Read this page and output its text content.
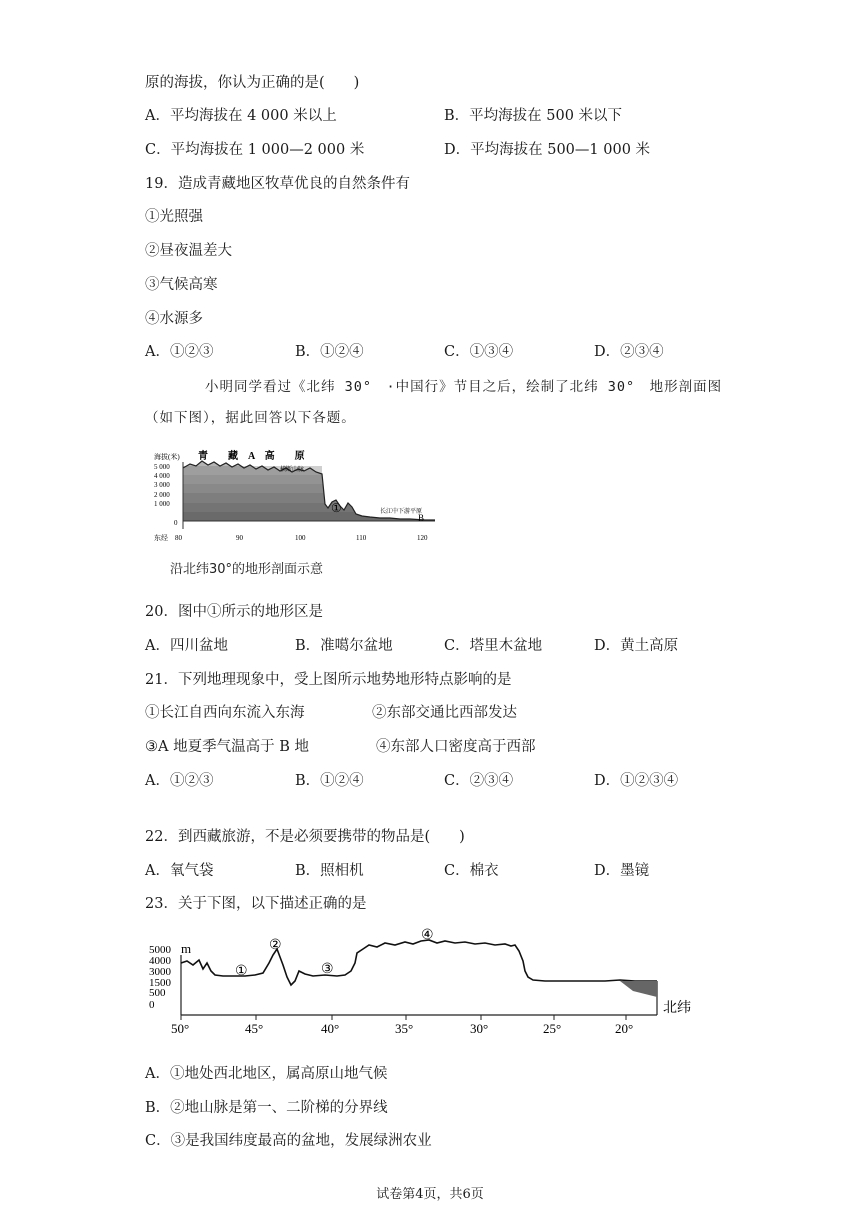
原的海拔，你认为正确的是(　　)
A．平均海拔在 4 000 米以上	B．平均海拔在 500 米以下
C．平均海拔在 1 000—2 000 米	D．平均海拔在 500—1 000 米
19．造成青藏地区牧草优良的自然条件有
①光照强
②昼夜温差大
③气候高寒
④水源多
A．①②③	B．①②④	C．①③④	D．②③④
小明同学看过《北纬 30°　·中国行》节目之后，绘制了北纬 30°　地形剖面图
（如下图），据此回答以下各题。
海拔(米)
5 000
4 000
3 000
2 000
1 000
0
东经 80	90	100	110	120
青　　藏　A　高　　原
横断山脉
①	长江中下游平原
B
沿北纬30°的地形剖面示意
20．图中①所示的地形区是
A．四川盆地	B．准噶尔盆地	C．塔里木盆地	D．黄土高原
21．下列地理现象中，受上图所示地势地形特点影响的是
①长江自西向东流入东海	②东部交通比西部发达
③A 地夏季气温高于 B 地	④东部人口密度高于西部
A．①②③	B．①②④	C．②③④	D．①②③④
22．到西藏旅游，不是必须要携带的物品是(　　)
A．氧气袋	B．照相机	C．棉衣	D．墨镜
23．关于下图，以下描述正确的是
5000
4000
3000
1500
500
0
m
①
②
③
④
50°	45°	40°	35°	30°	25°	20°
北纬
A．①地处西北地区，属高原山地气候
B．②地山脉是第一、二阶梯的分界线
C．③是我国纬度最高的盆地，发展绿洲农业
试卷第4页，共6页
